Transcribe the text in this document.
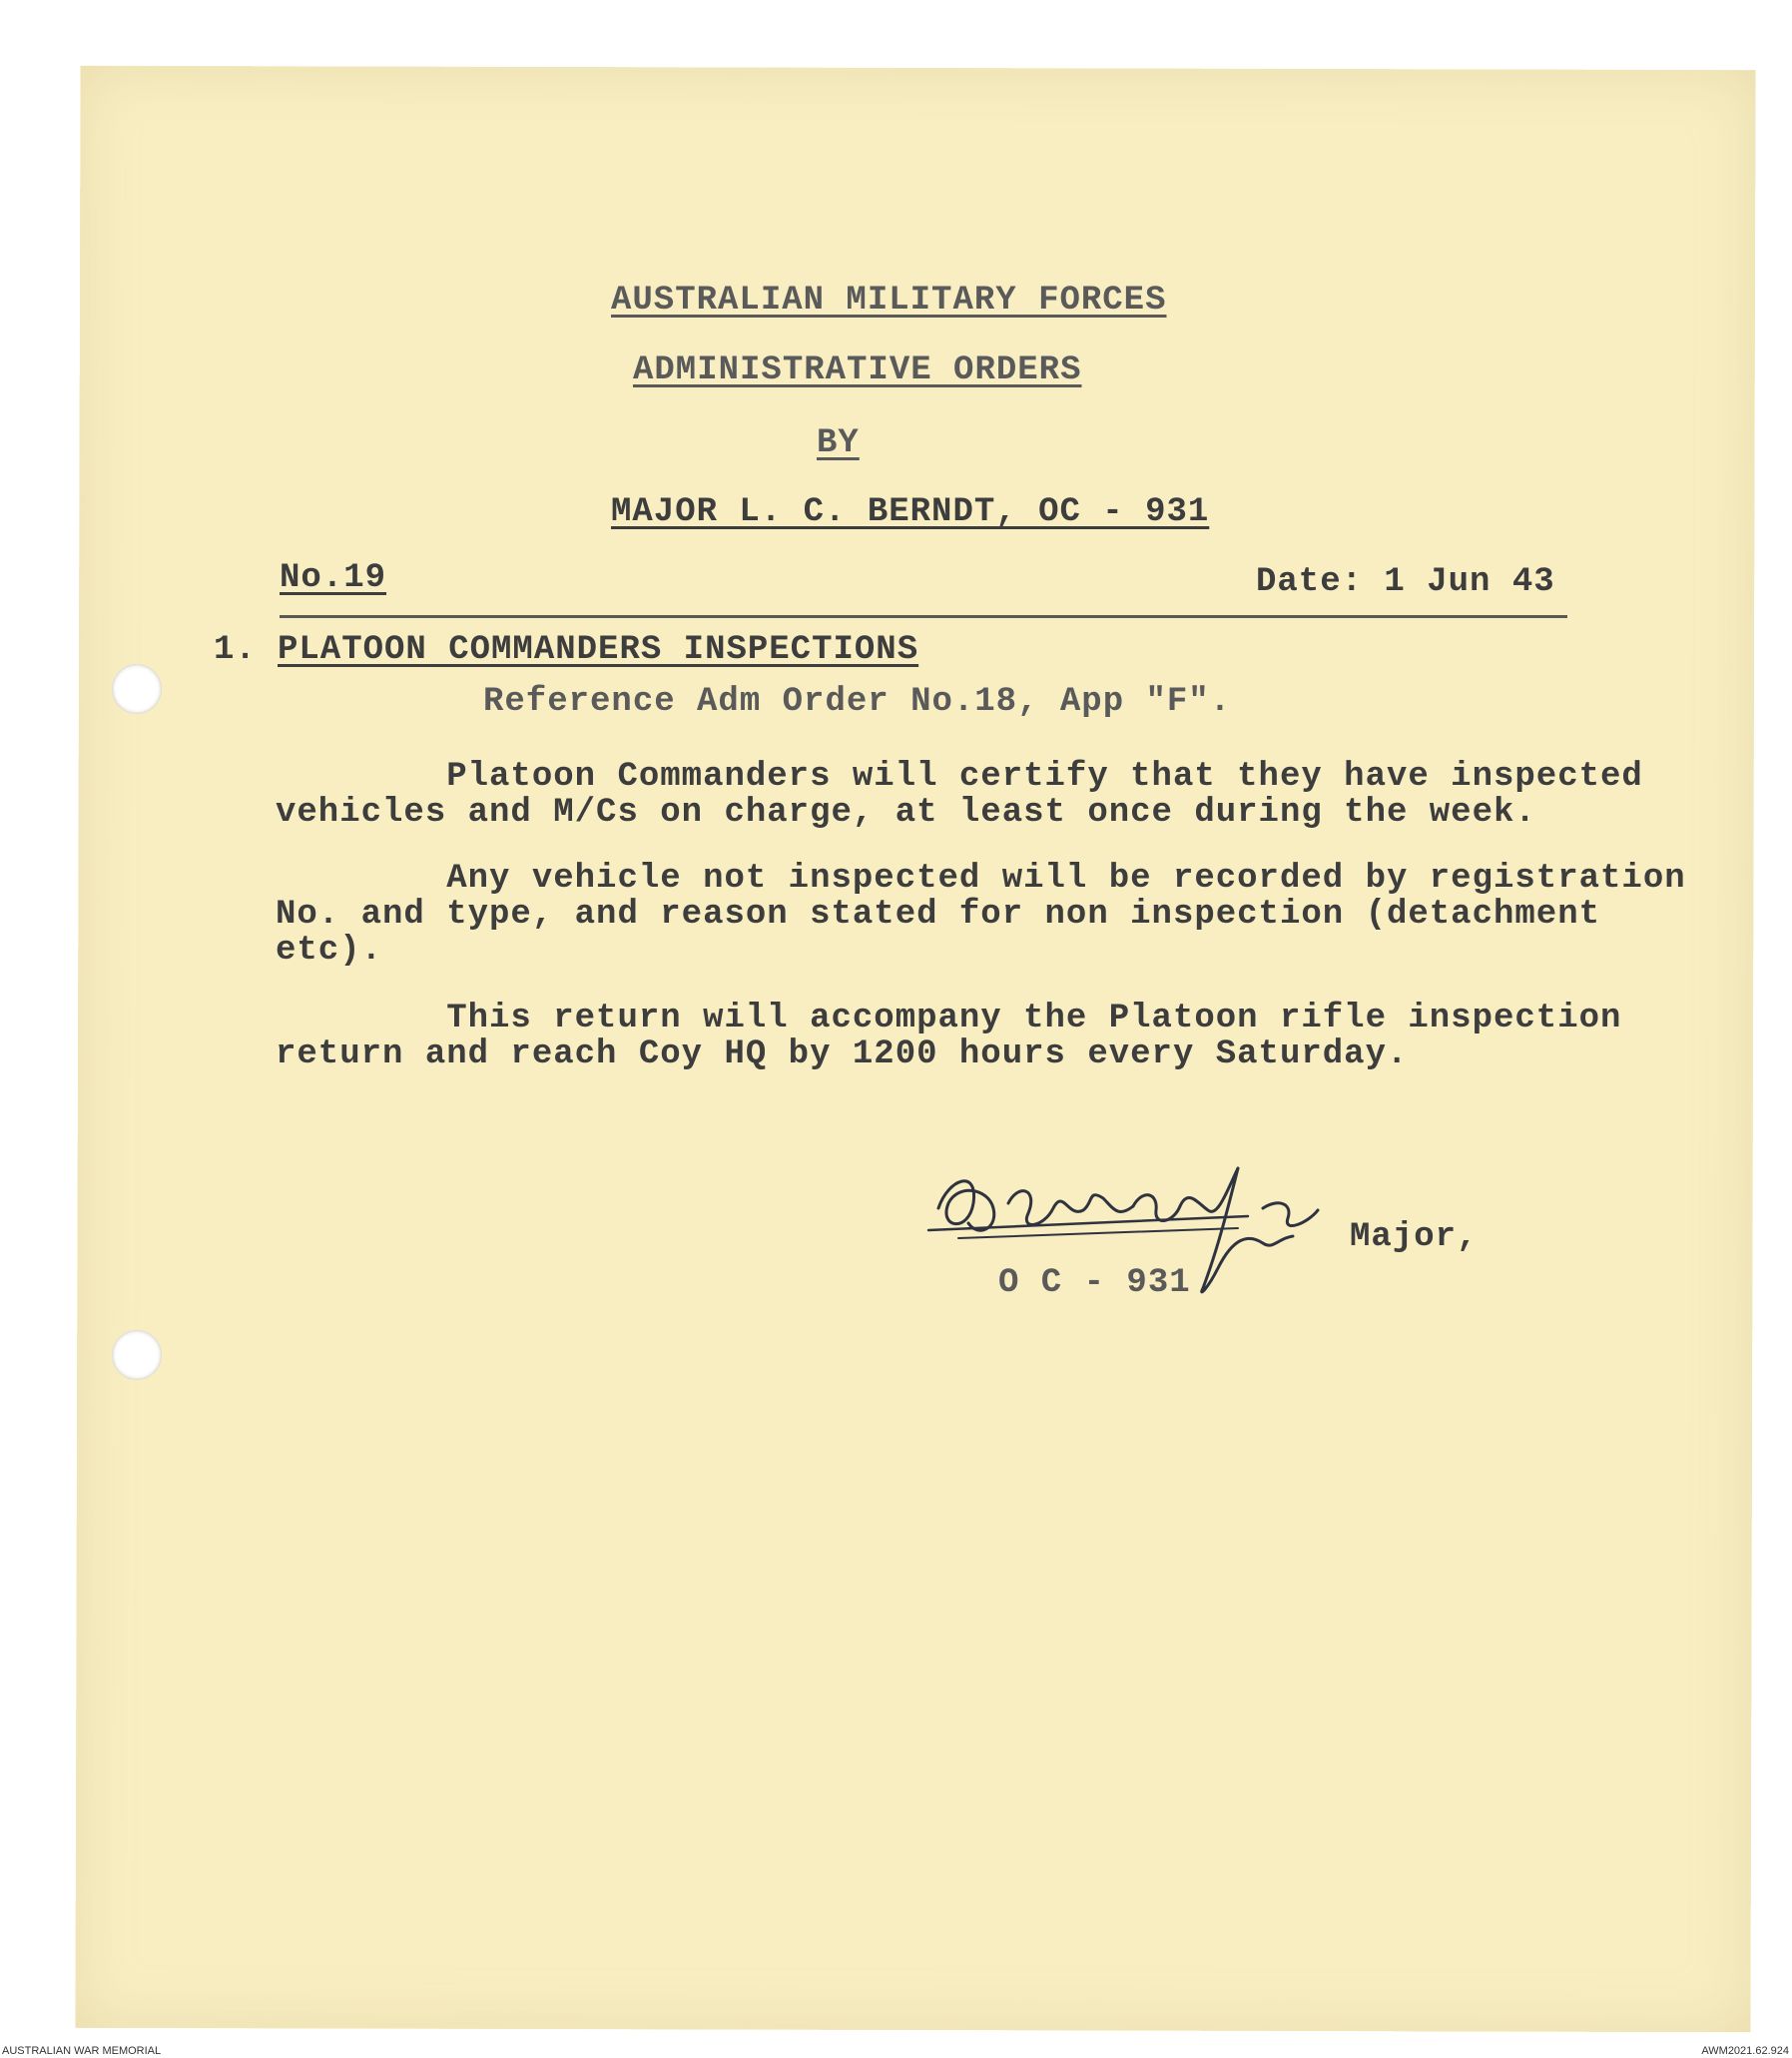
AUSTRALIAN MILITARY FORCES
ADMINISTRATIVE ORDERS
BY
MAJOR L. C. BERNDT, OC - 931
No.19	Date: 1 Jun 43
1. PLATOON COMMANDERS INSPECTIONS
Reference Adm Order No.18, App "F".
Platoon Commanders will certify that they have inspected
vehicles and M/Cs on charge, at least once during the week.
Any vehicle not inspected will be recorded by registration
No. and type, and reason stated for non inspection (detachment
etc).
This return will accompany the Platoon rifle inspection
return and reach Coy HQ by 1200 hours every Saturday.
Major,
O C - 931
AUSTRALIAN WAR MEMORIAL	AWM2021.62.924
